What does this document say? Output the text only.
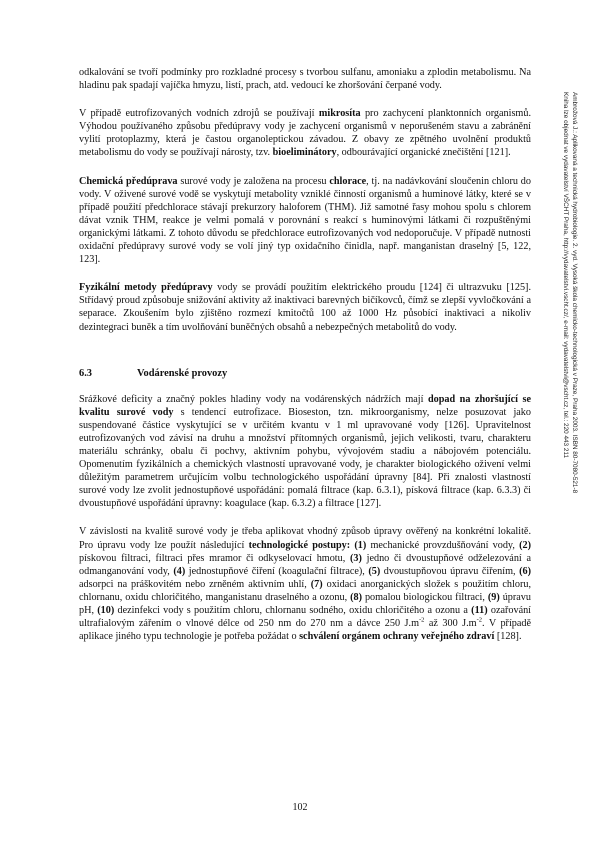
odkalování se tvoří podmínky pro rozkladné procesy s tvorbou sulfanu, amoniaku a zplodin metabolismu. Na hladinu pak spadají vajíčka hmyzu, listí, prach, atd. vedoucí ke zhoršování čerpané vody.

V případě eutrofizovaných vodních zdrojů se používají mikrosíta pro zachycení planktonních organismů. Výhodou používaného způsobu předúpravy vody je zachycení organismů v neporušeném stavu a zabránění vylití protoplazmy, která je častou organoleptickou závadou. Z obavy ze zpětného uvolnění produktů metabolismu do vody se používají nárosty, tzv. bioeliminátory, odbourávající organické znečištění [121].

Chemická předúprava surové vody je založena na procesu chlorace, tj. na nadávkování sloučenin chloru do vody. V oživené surové vodě se vyskytují metabolity vzniklé činností organismů a huminové látky, které se v případě použití předchlorace stávají prekurzory haloforem (THM). Již samotné řasy mohou spolu s chlorem dávat vznik THM, reakce je velmi pomalá v porovnání s reakcí s huminovými látkami či rozpuštěnými organickými látkami. Z tohoto důvodu se předchlorace eutrofizovaných vod nedoporučuje. V případě nutnosti oxidační předúpravy surové vody se volí jiný typ oxidačního činidla, např. manganistan draselný [5, 122, 123].

Fyzikální metody předúpravy vody se provádí použitím elektrického proudu [124] či ultrazvuku [125]. Střídavý proud způsobuje snižování aktivity až inaktivaci barevných bičíkovců, čímž se zlepší vyvločkování a separace. Zkoušením bylo zjištěno rozmezí kmitočtů 100 až 1000 Hz působící inaktivaci a nikoliv dezintegraci buněk a tím uvolňování buněčných obsahů a nebezpečných metabolitů do vody.

6.3	Vodárenské provozy

Srážkové deficity a značný pokles hladiny vody na vodárenských nádržích mají dopad na zhoršující se kvalitu surové vody s tendencí eutrofizace. Bioseston, tzn. mikroorganismy, nelze posuzovat jako suspendované částice vyskytující se v určitém kvantu v 1 ml upravované vody [126]. Upravitelnost eutrofizovaných vod závisí na druhu a množství přítomných organismů, jejich velikosti, tvaru, charakteru materiálu schránky, obalu či pochvy, aktivním pohybu, vývojovém stadiu a nábojovém potenciálu. Opomenutím fyzikálních a chemických vlastností upravované vody, je charakter biologického oživení velmi důležitým parametrem určujícím volbu technologického uspořádání úpravny [84]. Při znalosti vlastností surové vody lze zvolit jednostupňové uspořádání: pomalá filtrace (kap. 6.3.1), písková filtrace (kap. 6.3.3) či dvoustupňové uspořádání úpravny: koagulace (kap. 6.3.2) a filtrace [127].

V závislosti na kvalitě surové vody je třeba aplikovat vhodný způsob úpravy ověřený na konkrétní lokalitě. Pro úpravu vody lze použít následující technologické postupy: (1) mechanické provzdušňování vody, (2) pískovou filtraci, filtraci přes mramor či odkyselovací hmotu, (3) jedno či dvoustupňové odželezování a odmanganování vody, (4) jednostupňové čiření (koagulační filtrace), (5) dvoustupňovou úpravu čiřením, (6) adsorpci na práškovitém nebo zrněném aktivním uhlí, (7) oxidaci anorganických složek s použitím chloru, chlornanu, oxidu chloričitého, manganistanu draselného a ozonu, (8) pomalou biologickou filtraci, (9) úpravu pH, (10) dezinfekci vody s použitím chloru, chlornanu sodného, oxidu chloričitého a ozonu a (11) ozařování ultrafialovým zářením o vlnové délce od 250 nm do 270 nm a dávce 250 $J.m^{-2}$ až 300 $J.m^{-2}$. V případě aplikace jiného typu technologie je potřeba požádat o schválení orgánem ochrany veřejného zdraví [128].

Ambrožová J.: Aplikovaná a technická hydrobiologie. 2. vyd. Vysoká škola chemicko-technologická v Praze, Praha 2003. ISBN 80-7080-521-8
Kniha lze objednat ve vydavatelství VŠCHT Praha, http://vydavatelstvi.vscht.cz/, e-mail: vydavatelstvi@vscht.cz, tel.: 220 443 211
102
